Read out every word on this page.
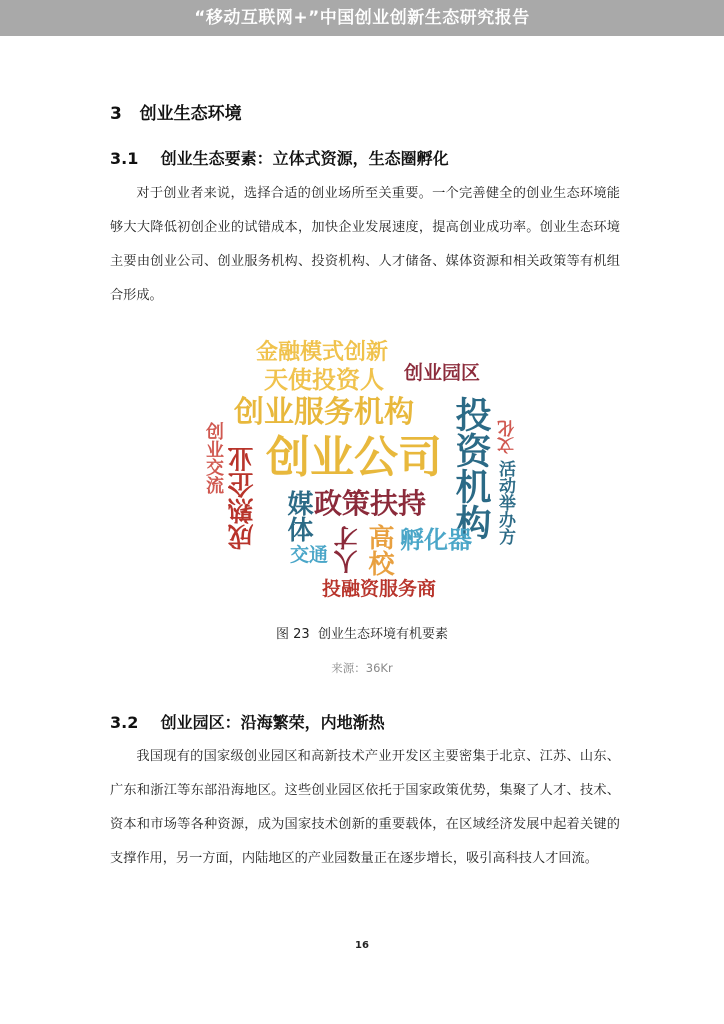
“移动互联网+”中国创业创新生态研究报告
3   创业生态环境
3.1    创业生态要素：立体式资源，生态圈孵化

对于创业者来说，选择合适的创业场所至关重要。一个完善健全的创业生态环境能够大大降低初创企业的试错成本，加快企业发展速度，提高创业成功率。创业生态环境主要由创业公司、创业服务机构、投资机构、人才储备、媒体资源和相关政策等有机组合形成。

金融模式创新
天使投资人 创业园区
创业服务机构 投资机构
创业公司
成熟企业
创业交流
活动举办方
文化
媒体 政策扶持
人才 高校 孵化器
交通
投融资服务商
图 23  创业生态环境有机要素
来源：36Kr
3.2    创业园区：沿海繁荣，内地渐热

我国现有的国家级创业园区和高新技术产业开发区主要密集于北京、江苏、山东、广东和浙江等东部沿海地区。这些创业园区依托于国家政策优势，集聚了人才、技术、资本和市场等各种资源，成为国家技术创新的重要载体，在区域经济发展中起着关键的支撑作用，另一方面，内陆地区的产业园数量正在逐步增长，吸引高科技人才回流。

16
